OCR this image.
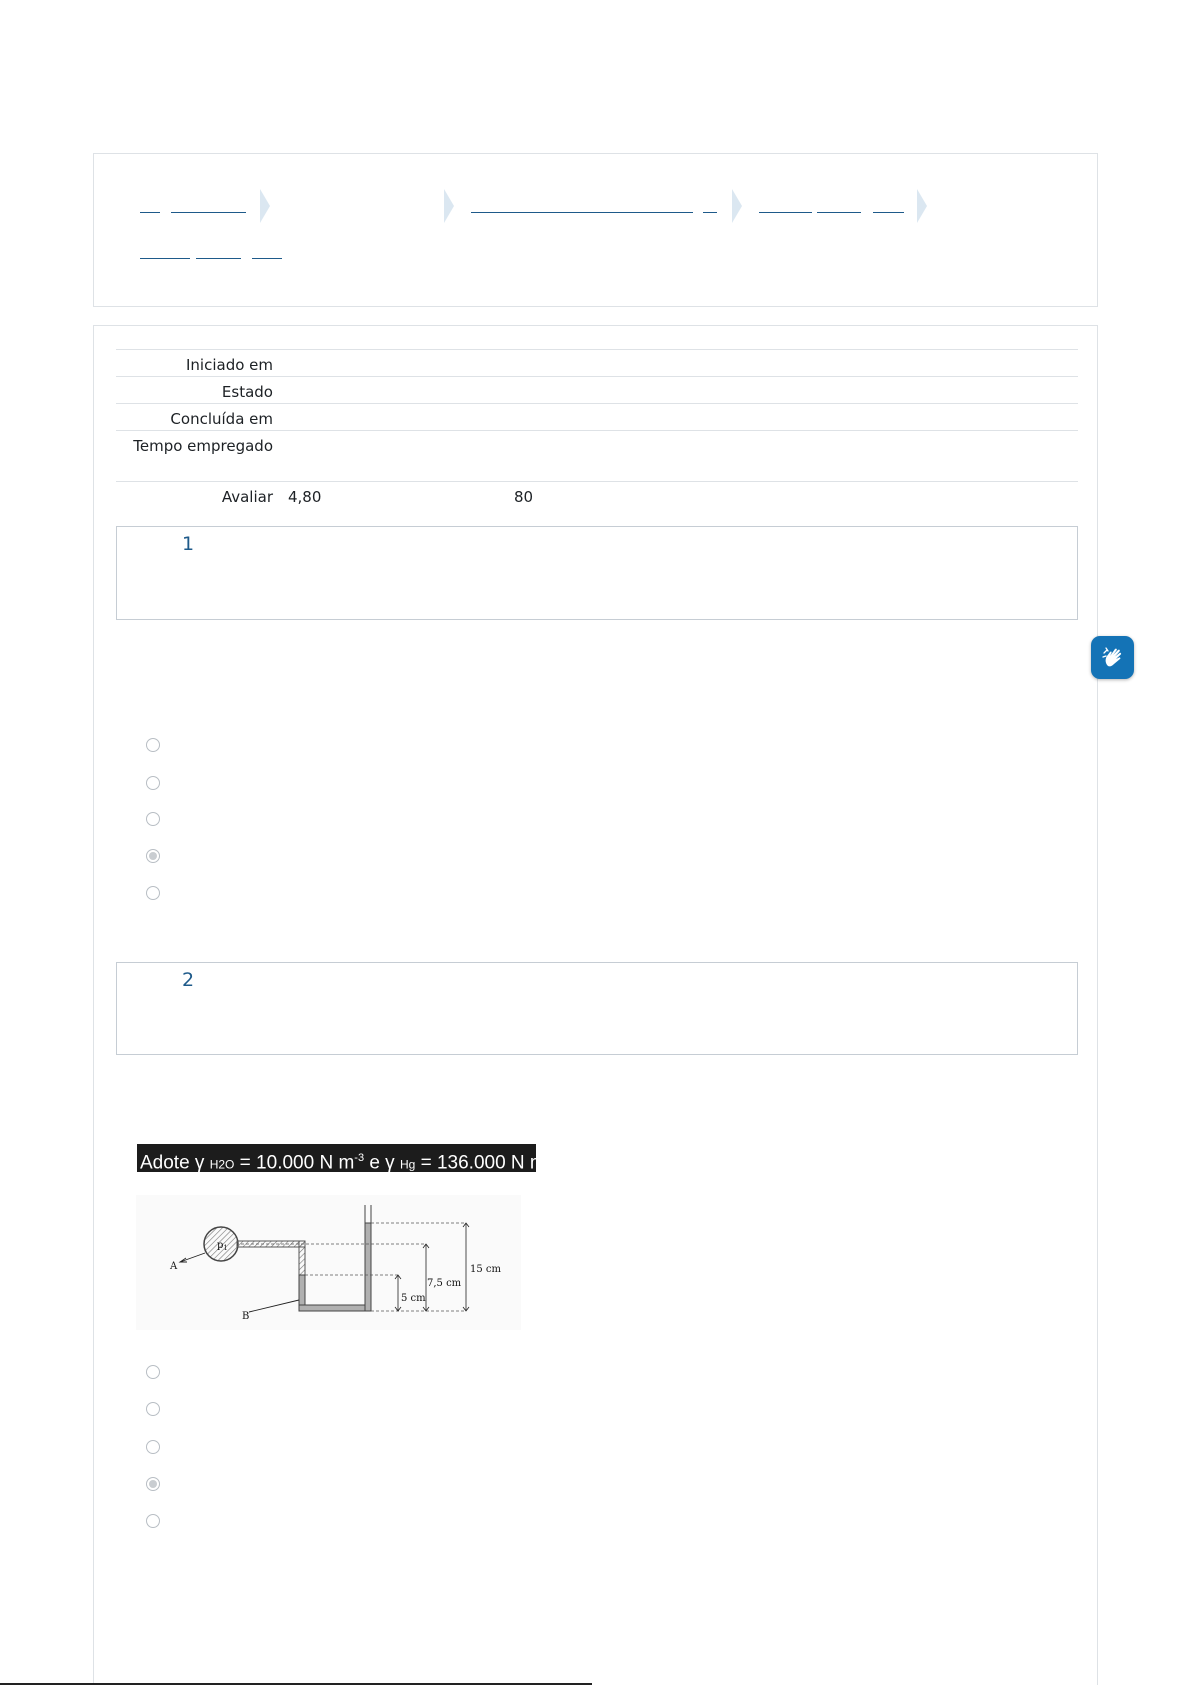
Iniciado em
Estado
Concluída em
Tempo empregado
Avaliar	4,80	80
1
2
Adote γ H2O = 10.000 N $m^{-3}$ e γ Hg = 136.000 N $m^{-3}$.
$p_1$
5 cm
7,5 cm
15 cm
A
B
